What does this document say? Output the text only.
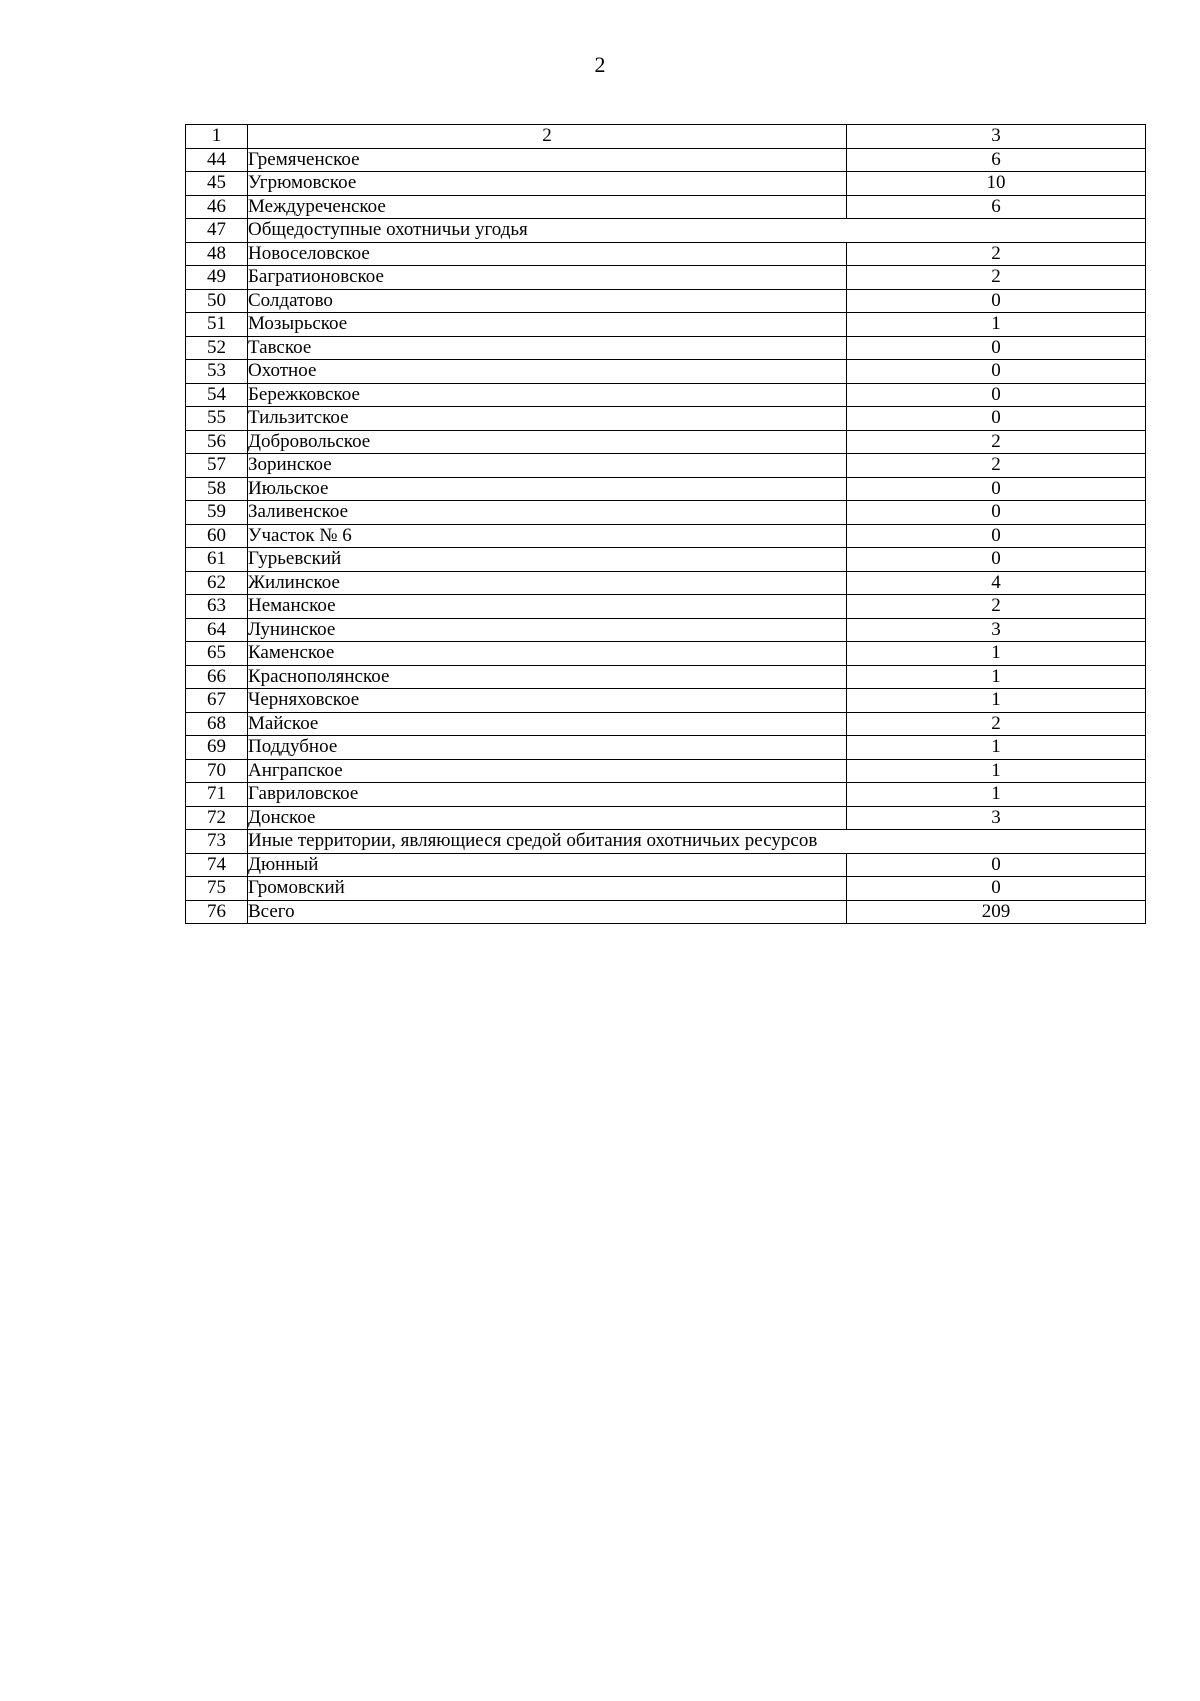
2
1	2	3
44	Гремяченское	6
45	Угрюмовское	10
46	Междуреченское	6
47	Общедоступные охотничьи угодья	
48	Новоселовское	2
49	Багратионовское	2
50	Солдатово	0
51	Мозырьское	1
52	Тавское	0
53	Охотное	0
54	Бережковское	0
55	Тильзитское	0
56	Добровольское	2
57	Зоринское	2
58	Июльское	0
59	Заливенское	0
60	Участок № 6	0
61	Гурьевский	0
62	Жилинское	4
63	Неманское	2
64	Лунинское	3
65	Каменское	1
66	Краснополянское	1
67	Черняховское	1
68	Майское	2
69	Поддубное	1
70	Ангрaпское	1
71	Гавриловское	1
72	Донское	3
73	Иные территории, являющиеся средой обитания охотничьих ресурсов	
74	Дюнный	0
75	Громовский	0
76	Всего	209
